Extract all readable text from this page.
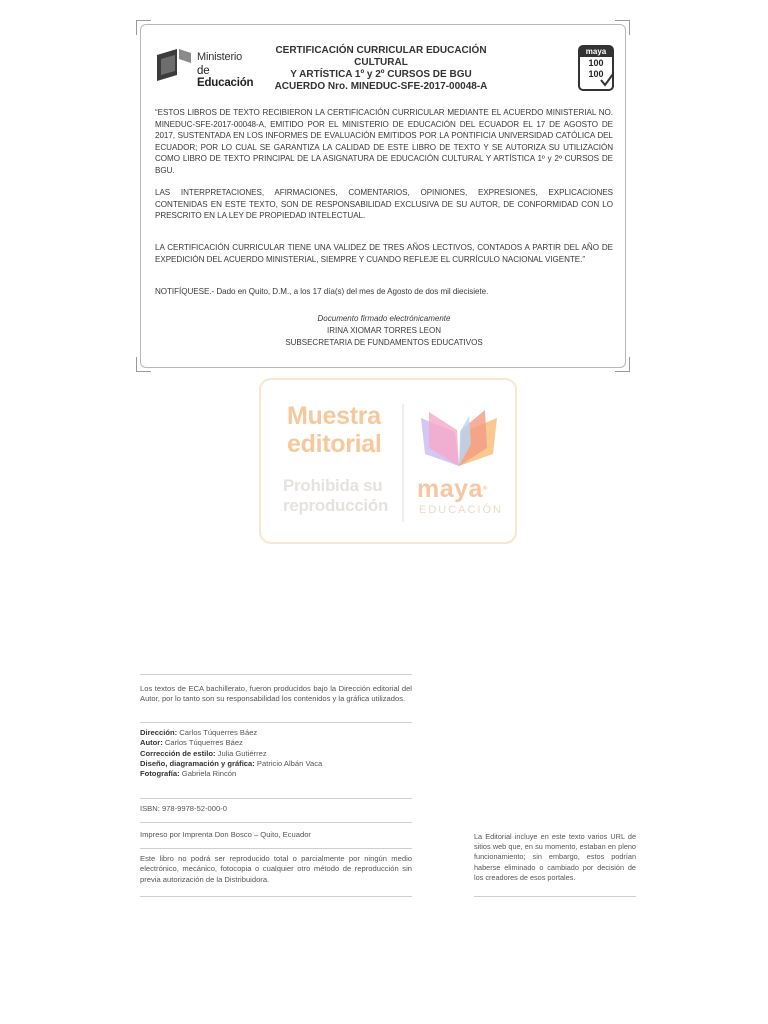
Ministerio
de Educación
CERTIFICACIÓN CURRICULAR EDUCACIÓN CULTURAL
Y ARTÍSTICA 1º y 2º CURSOS DE BGU
ACUERDO Nro. MINEDUC-SFE-2017-00048-A
maya
100
100
“ESTOS LIBROS DE TEXTO RECIBIERON LA CERTIFICACIÓN CURRICULAR MEDIANTE EL ACUERDO MINISTERIAL NO. MINEDUC-SFE-2017-00048-A, EMITIDO POR EL MINISTERIO DE EDUCACIÓN DEL ECUADOR EL 17 DE AGOSTO DE 2017, SUSTENTADA EN LOS INFORMES DE EVALUACIÓN EMITIDOS POR LA PONTIFICIA UNIVERSIDAD CATÓLICA DEL ECUADOR; POR LO CUAL SE GARANTIZA LA CALIDAD DE ESTE LIBRO DE TEXTO Y SE AUTORIZA SU UTILIZACIÓN COMO LIBRO DE TEXTO PRINCIPAL DE LA ASIGNATURA DE EDUCACIÓN CULTURAL Y ARTÍSTICA 1º y 2º CURSOS DE BGU.
LAS INTERPRETACIONES, AFIRMACIONES, COMENTARIOS, OPINIONES, EXPRESIONES, EXPLICACIONES CONTENIDAS EN ESTE TEXTO, SON DE RESPONSABILIDAD EXCLUSIVA DE SU AUTOR, DE CONFORMIDAD CON LO PRESCRITO EN LA LEY DE PROPIEDAD INTELECTUAL.
LA CERTIFICACIÓN CURRICULAR TIENE UNA VALIDEZ DE TRES AÑOS LECTIVOS, CONTADOS A PARTIR DEL AÑO DE EXPEDICIÓN DEL ACUERDO MINISTERIAL, SIEMPRE Y CUANDO REFLEJE EL CURRÍCULO NACIONAL VIGENTE.”
NOTIFÍQUESE.- Dado en Quito, D.M., a los 17 día(s) del mes de Agosto de dos mil diecisiete.
Documento firmado electrónicamente
IRINA XIOMAR TORRES LEON
SUBSECRETARIA DE FUNDAMENTOS EDUCATIVOS
Muestra
editorial
Prohibida su
reproducción
maya®
EDUCACIÓN
Los textos de ECA bachillerato, fueron producidos bajo la Dirección editorial del Autor, por lo tanto son su responsabilidad los contenidos y la gráfica utilizados.
Dirección: Carlos Túquerres Báez
Autor: Carlos Túquerres Báez
Corrección de estilo: Julia Gutiérrez
Diseño, diagramación y gráfica: Patricio Albán Vaca
Fotografía: Gabriela Rincón
ISBN: 978-9978-52-000-0
Impreso por Imprenta Don Bosco – Quito, Ecuador
Este libro no podrá ser reproducido total o parcialmente por ningún medio electrónico, mecánico, fotocopia o cualquier otro método de reproducción sin previa autorización de la Distribuidora.
La Editorial incluye en este texto varios URL de sitios web que, en su momento, estaban en pleno funcionamiento; sin embargo, estos podrían haberse eliminado o cambiado por decisión de los creadores de esos portales.
